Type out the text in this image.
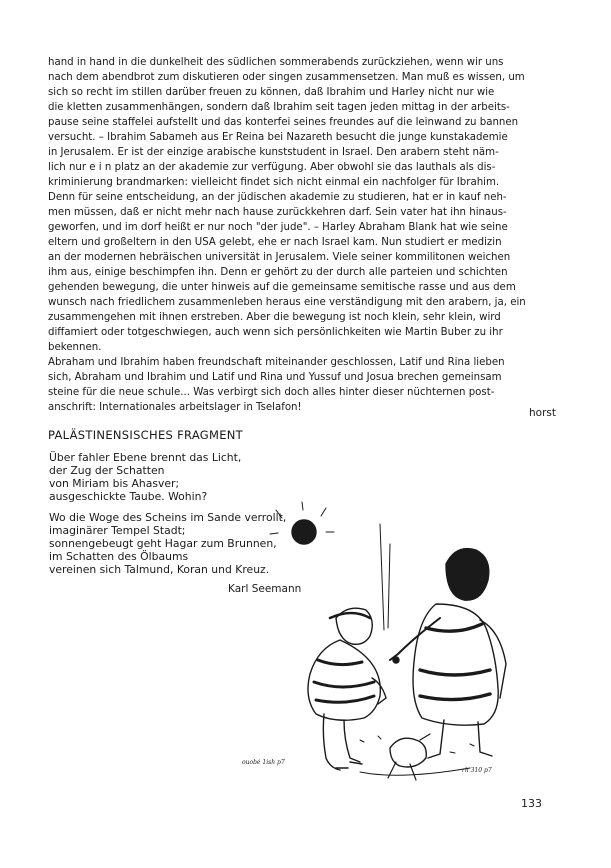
hand in hand in die dunkelheit des südlichen sommerabends zurückziehen, wenn wir uns
nach dem abendbrot zum diskutieren oder singen zusammensetzen. Man muß es wissen, um
sich so recht im stillen darüber freuen zu können, daß Ibrahim und Harley nicht nur wie
die kletten zusammenhängen, sondern daß Ibrahim seit tagen jeden mittag in der arbeits-
pause seine staffelei aufstellt und das konterfei seines freundes auf die leinwand zu bannen
versucht. – Ibrahim Sabameh aus Er Reina bei Nazareth besucht die junge kunstakademie
in Jerusalem. Er ist der einzige arabische kunststudent in Israel. Den arabern steht näm-
lich nur e i n platz an der akademie zur verfügung. Aber obwohl sie das lauthals als dis-
kriminierung brandmarken: vielleicht findet sich nicht einmal ein nachfolger für Ibrahim.
Denn für seine entscheidung, an der jüdischen akademie zu studieren, hat er in kauf neh-
men müssen, daß er nicht mehr nach hause zurückkehren darf. Sein vater hat ihn hinaus-
geworfen, und im dorf heißt er nur noch "der jude". – Harley Abraham Blank hat wie seine
eltern und großeltern in den USA gelebt, ehe er nach Israel kam. Nun studiert er medizin
an der modernen hebräischen universität in Jerusalem. Viele seiner kommilitonen weichen
ihm aus, einige beschimpfen ihn. Denn er gehört zu der durch alle parteien und schichten
gehenden bewegung, die unter hinweis auf die gemeinsame semitische rasse und aus dem
wunsch nach friedlichem zusammenleben heraus eine verständigung mit den arabern, ja, ein
zusammengehen mit ihnen erstreben. Aber die bewegung ist noch klein, sehr klein, wird
diffamiert oder totgeschwiegen, auch wenn sich persönlichkeiten wie Martin Buber zu ihr
bekennen.
Abraham und Ibrahim haben freundschaft miteinander geschlossen, Latif und Rina lieben
sich, Abraham und Ibrahim und Latif und Rina und Yussuf und Josua brechen gemeinsam
steine für die neue schule... Was verbirgt sich doch alles hinter dieser nüchternen post-
anschrift: Internationales arbeitslager in Tselafon!	horst
PALÄSTINENSISCHES FRAGMENT
Über fahler Ebene brennt das Licht,
der Zug der Schatten
von Miriam bis Ahasver;
ausgeschickte Taube. Wohin?
Wo die Woge des Scheins im Sande verrollt,
imaginärer Tempel Stadt;
sonnengebeugt geht Hagar zum Brunnen,
im Schatten des Ölbaums
vereinen sich Talmund, Koran und Kreuz.
Karl Seemann
ouobé 1ish p7
rh 310 p7
133
